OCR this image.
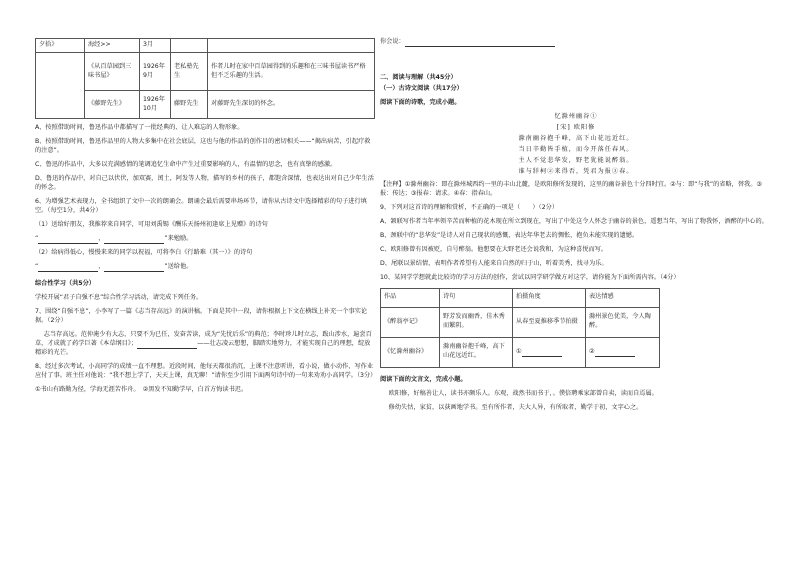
夕拾》	海经>>	3月		
	《从百草园到三味书屋》	1926年9月	老私塾先生	作者儿时在家中百草园得到的乐趣和在三味书屋读书严格但不乏乐趣的生活。
	《藤野先生》	1926年10月	藤野先生	对藤野先生深切的怀念。

A、按照借助时间，鲁迅作品中都描写了一批经典的、让人难忘的人物形象。

B、按照借助时间，鲁迅作品里的人物大多集中在社会底层，这也与他的作品的创作目的密切相关——“揭出病苦，引起疗救的注意”。

C、鲁迅的作品中，大多以充满感情的笔调追忆生命中产生过重要影响的人，有温情的思念，也有真挚的感激。

D、鲁迅的作品中，对自己以伏伏，加双赛，闰土，阿发等人物，描写的乡村的孩子，都饱含深情，也表达出对自己少年生活的怀念。

6、为增强艺术表现力，全书组织了文中一次的朗诵会。朗诵会最后需要串场环节，请你从古诗文中选择精彩的句子进行填空。（每空1分，共4分）

（1）送给好朋友，我推荐来自同学，可用刘禹锡《酬乐天扬州初逢席上见赠》的诗句

“	，	”来勉励。

（2）给病得低心，慢慢来来的同学以祝福，可将李白《行路难（其一）》的诗句

“	，	”送给他。

综合性学习（共5分）

学校开展“君子自强不息”综合性学习活动，请完成下列任务。

7、围绕“自强不息”，小李写了一篇《志当存高远》的演讲稿。下面是其中一段，请你根据上下文在横线上补充一个事实论据。（2分）

志当存高远。范仲淹少有大志，只要不为已任，发奋苦读，成为“先忧后乐”的典范；李时珍儿时立志，跋山涉水，遍尝百草，才成就了药学巨著《本草纲目》；	——壮志凌云想想，脚踏实地努力，才能实现自己的理想，绽放精彩的光芒。

8、经过多次考试，小高同学的成绩一直不理想。近段时间，他每天都很消沉，上课不注意听讲，看小说，做小动作，写作业应付了事。班主任对他说：“我不想上学了，天天上课，真无聊！”请你至少引用下面两句诗中的一句来劝劝小高同学。（3分）

①书山有路勤为径，学海无涯苦作舟。　 ②黑发不知勤学早，白首方悔读书迟。

你会说：

二、阅读与理解（共45分）

（一）古诗文阅读（共17分）

阅读下面的诗歌，完成小题。

忆滁州幽谷①

[宋] 欧阳修

滁南幽谷抱千峰，高下山花远近红。

当日辛勤皆手植，而今开落任春风。

主人不觉悲华发，野老犹能说醉翁。

谁与牂柯②来得否，凭君为报③春。

【注释】①滁州幽谷：即在滁州城西约一里的丰山北麓，是欧阳修所发现的，这里的幽谷景色十分四时宜。②与：即“与我”的省略，替我。③报：传达；③报春：请求。④春：指春山。

9、下列对这首诗的理解和赏析，不正确的一项是（　　）（2分）

A、颔联写作者当年率领辛苦而种植的花木现在所立到现在，写出了中处这令人怀念于幽谷的景色，遥想当年，写出了物我怀，酒醉的中心的。

B、颈联中的“悲华发”是诗人对自己现状的感慨，表达年华老去的惆怅，抱负未能实现的遗憾。

C、欧阳修曾有因被贬，自号醉翁。他想要在大野老还会说我和，为这种喜悦而写。

D、尾联以景结情，表明作者希望有人能来自自然的归于山，听着美秀，找寻为乐。

10、某同学学想就此比较诗的学习方法的创作，尝试以同学研学做方对这学，请你能为下面所需内容。（4分）

作品	诗句	拍摄角度	表达情感
《醉翁亭记》	野芳发而幽香，佳木秀而繁阴。	从春至夏推移季节拍摄	滁州景色优美，令人陶醉。
《忆滁州幽谷》	滁南幽谷抱千峰，高下山花远近红。	①	②

阅读下面的文言文，完成小题。

欧阳修，好稿善让人，读书亦颇乐人。东观，战然书而书于，。僕倍聘乘家部曾自卖，读而自焉属。

修幼失怙，家贫，以荻画地学书。至有所作者，夫大人异，有所取者，勤学于初，文字心之。
